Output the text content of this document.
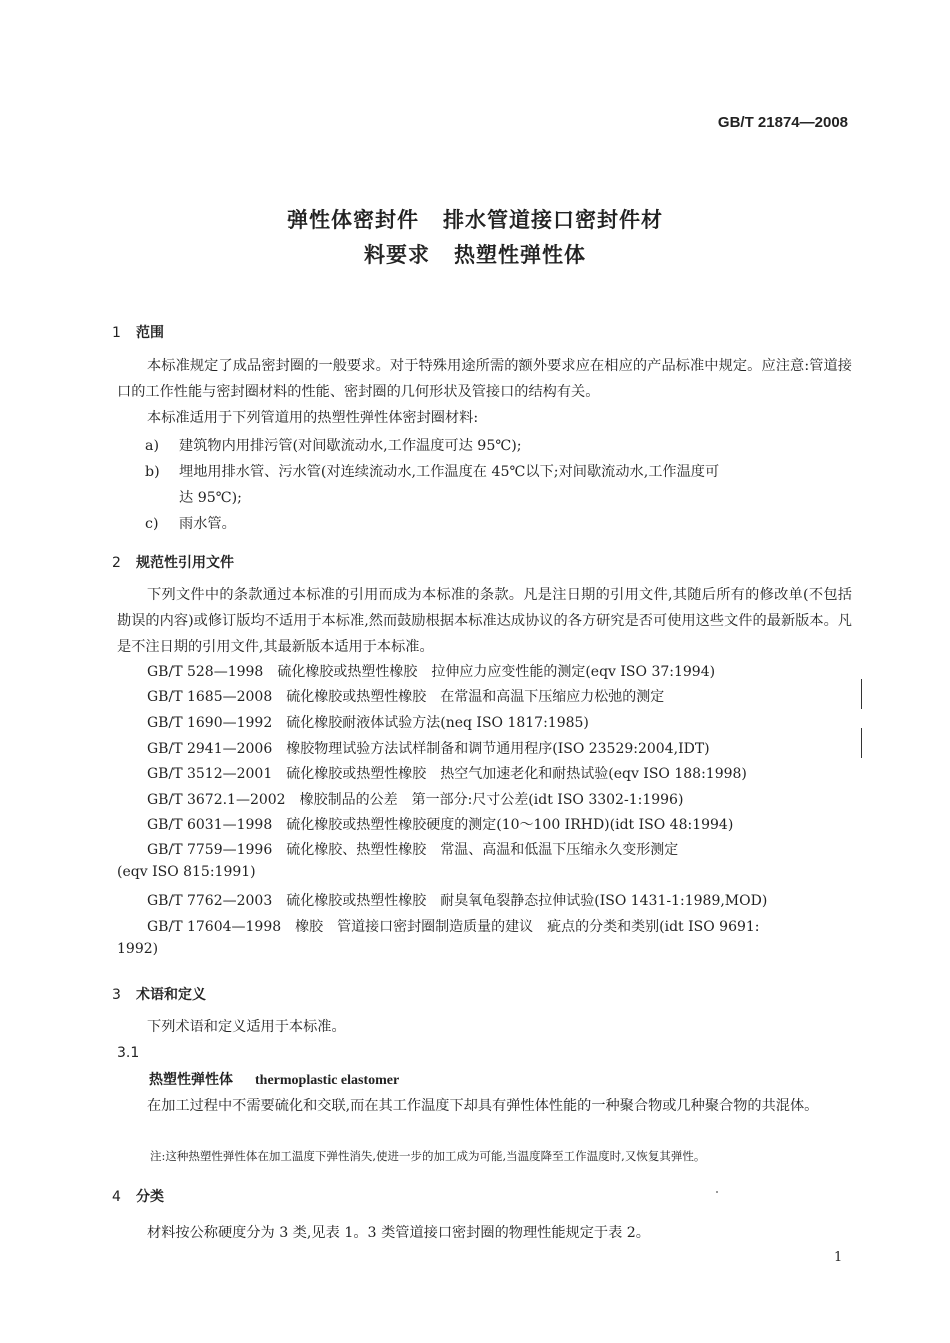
GB/T 21874—2008
弹性体密封件 排水管道接口密封件材
料要求 热塑性弹性体
1 范围
本标准规定了成品密封圈的一般要求。对于特殊用途所需的额外要求应在相应的产品标准中规定。应注意:管道接口的工作性能与密封圈材料的性能、密封圈的几何形状及管接口的结构有关。
本标准适用于下列管道用的热塑性弹性体密封圈材料:
a) 建筑物内用排污管(对间歇流动水,工作温度可达 95℃);
b) 埋地用排水管、污水管(对连续流动水,工作温度在 45℃以下;对间歇流动水,工作温度可
达 95℃);
c) 雨水管。
2 规范性引用文件
下列文件中的条款通过本标准的引用而成为本标准的条款。凡是注日期的引用文件,其随后所有的修改单(不包括勘误的内容)或修订版均不适用于本标准,然而鼓励根据本标准达成协议的各方研究是否可使用这些文件的最新版本。凡是不注日期的引用文件,其最新版本适用于本标准。
GB/T 528—1998 硫化橡胶或热塑性橡胶　拉伸应力应变性能的测定(eqv ISO 37:1994)
GB/T 1685—2008 硫化橡胶或热塑性橡胶　在常温和高温下压缩应力松弛的测定
GB/T 1690—1992 硫化橡胶耐液体试验方法(neq ISO 1817:1985)
GB/T 2941—2006 橡胶物理试验方法试样制备和调节通用程序(ISO 23529:2004,IDT)
GB/T 3512—2001 硫化橡胶或热塑性橡胶　热空气加速老化和耐热试验(eqv ISO 188:1998)
GB/T 3672.1—2002 橡胶制品的公差　第一部分:尺寸公差(idt ISO 3302-1:1996)
GB/T 6031—1998 硫化橡胶或热塑性橡胶硬度的测定(10～100 IRHD)(idt ISO 48:1994)
GB/T 7759—1996 硫化橡胶、热塑性橡胶　常温、高温和低温下压缩永久变形测定
(eqv ISO 815:1991)
GB/T 7762—2003 硫化橡胶或热塑性橡胶　耐臭氧龟裂静态拉伸试验(ISO 1431-1:1989,MOD)
GB/T 17604—1998 橡胶　管道接口密封圈制造质量的建议　疵点的分类和类别(idt ISO 9691:
1992)
3 术语和定义
下列术语和定义适用于本标准。
3.1
热塑性弹性体 thermoplastic elastomer
在加工过程中不需要硫化和交联,而在其工作温度下却具有弹性体性能的一种聚合物或几种聚合物的共混体。
注:这种热塑性弹性体在加工温度下弹性消失,使进一步的加工成为可能,当温度降至工作温度时,又恢复其弹性。
4 分类
材料按公称硬度分为 3 类,见表 1。3 类管道接口密封圈的物理性能规定于表 2。
1
